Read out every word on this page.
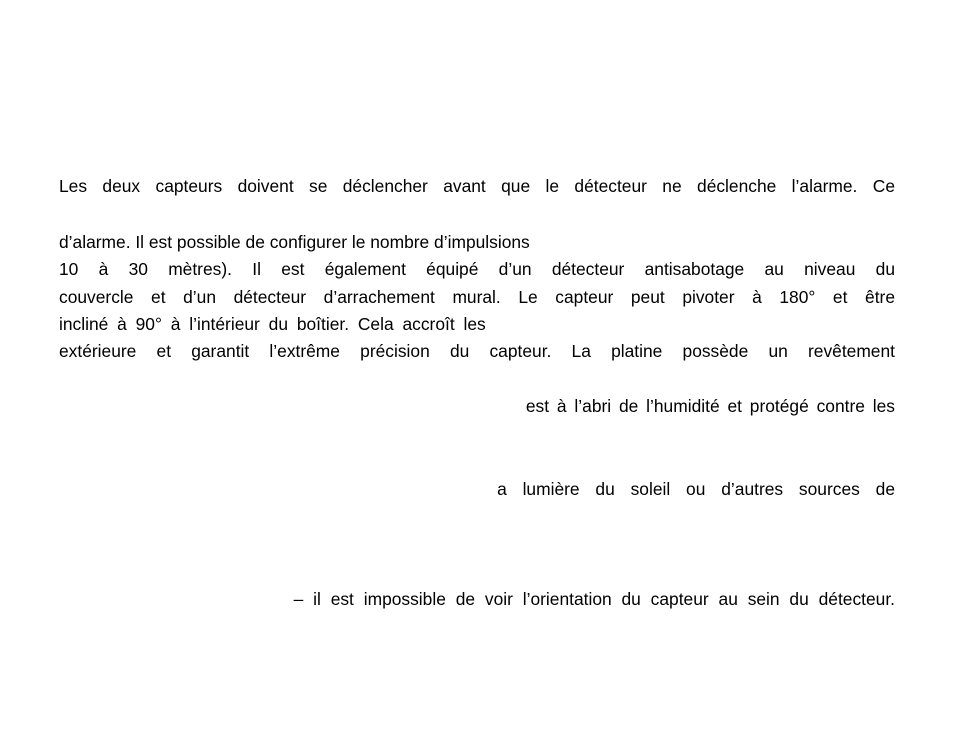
Les deux capteurs doivent se déclencher avant que le détecteur ne déclenche l’alarme. Ce
d’alarme. Il est possible de configurer le nombre d’impulsions
10 à 30 mètres). Il est également équipé d’un détecteur antisabotage au niveau du
couvercle et d’un détecteur d’arrachement mural. Le capteur peut pivoter à 180° et être
incliné à 90° à l’intérieur du boîtier. Cela accroît les
extérieure et garantit l’extrême précision du capteur. La platine possède un revêtement
est à l’abri de l’humidité et protégé contre les
a lumière du soleil ou d’autres sources de
– il est impossible de voir l’orientation du capteur au sein du détecteur.
